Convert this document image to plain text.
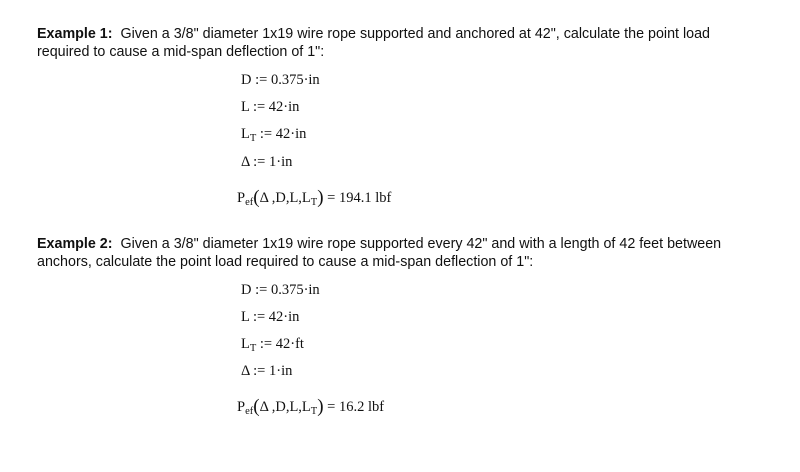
Example 1: Given a 3/8" diameter 1x19 wire rope supported and anchored at 42", calculate the point load
required to cause a mid-span deflection of 1":
D := 0.375·in
L := 42·in
$L_T$ := 42·in
Δ := 1·in
$P_{ef}(\Delta$ $,D,L,L_T) = 194.1$ lbf
Example 2: Given a 3/8" diameter 1x19 wire rope supported every 42" and with a length of 42 feet between
anchors, calculate the point load required to cause a mid-span deflection of 1":
D := 0.375·in
L := 42·in
$L_T$ := 42·ft
Δ := 1·in
$P_{ef}(\Delta$ $,D,L,L_T) = 16.2$ lbf
